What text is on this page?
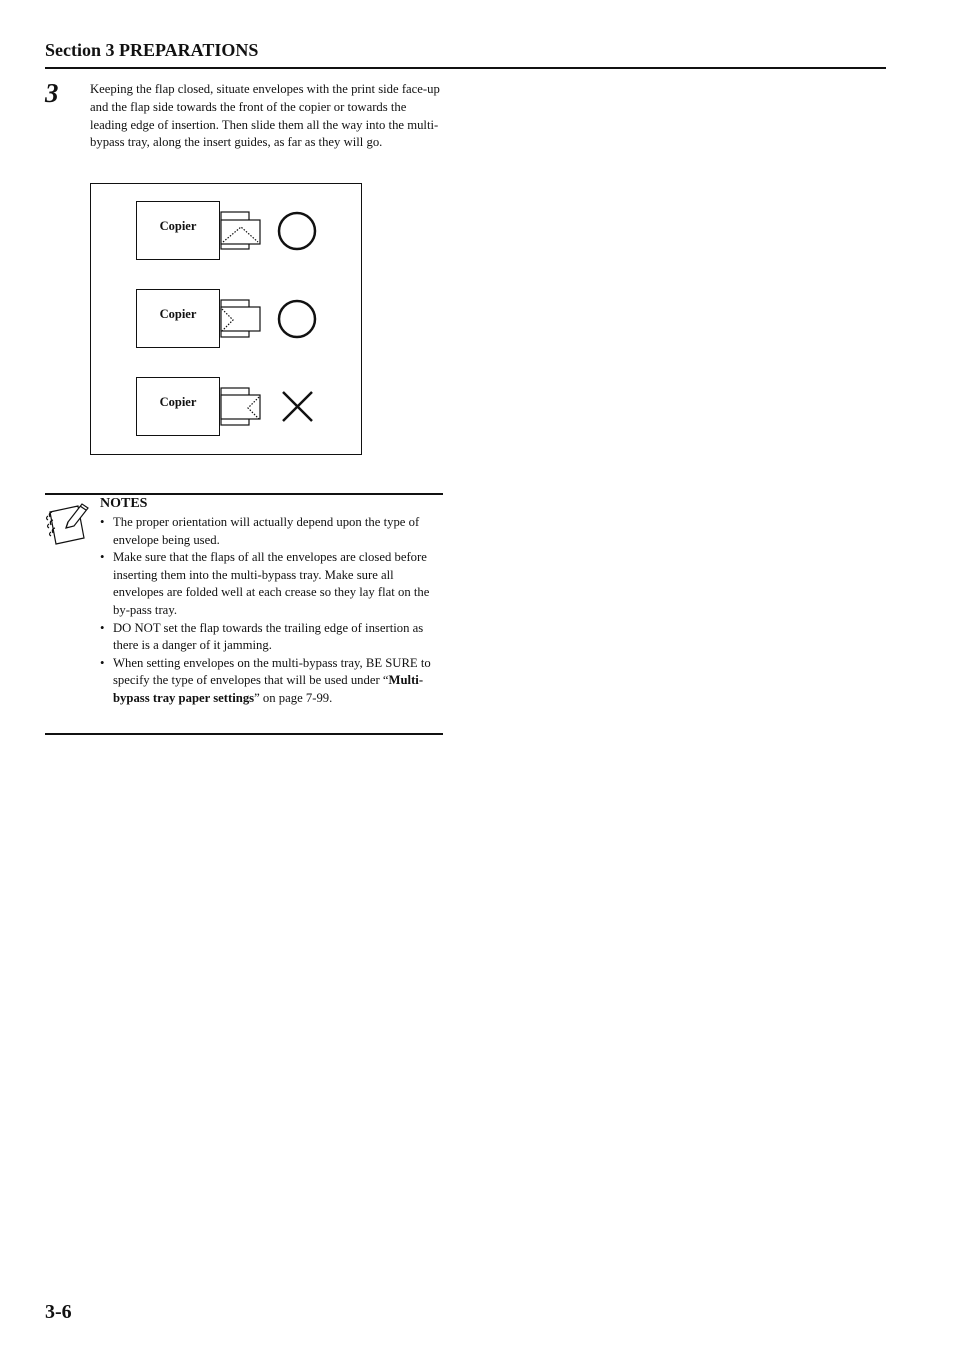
Section 3 PREPARATIONS
3 Keeping the flap closed, situate envelopes with the print side face-up and the flap side towards the front of the copier or towards the leading edge of insertion. Then slide them all the way into the multi-bypass tray, along the insert guides, as far as they will go.

Copier
Copier
Copier
NOTES
• The proper orientation will actually depend upon the type of envelope being used.
• Make sure that the flaps of all the envelopes are closed before inserting them into the multi-bypass tray. Make sure all envelopes are folded well at each crease so they lay flat on the by-pass tray.
• DO NOT set the flap towards the trailing edge of insertion as there is a danger of it jamming.
• When setting envelopes on the multi-bypass tray, BE SURE to specify the type of envelopes that will be used under “Multi-bypass tray paper settings” on page 7-99.
3-6
